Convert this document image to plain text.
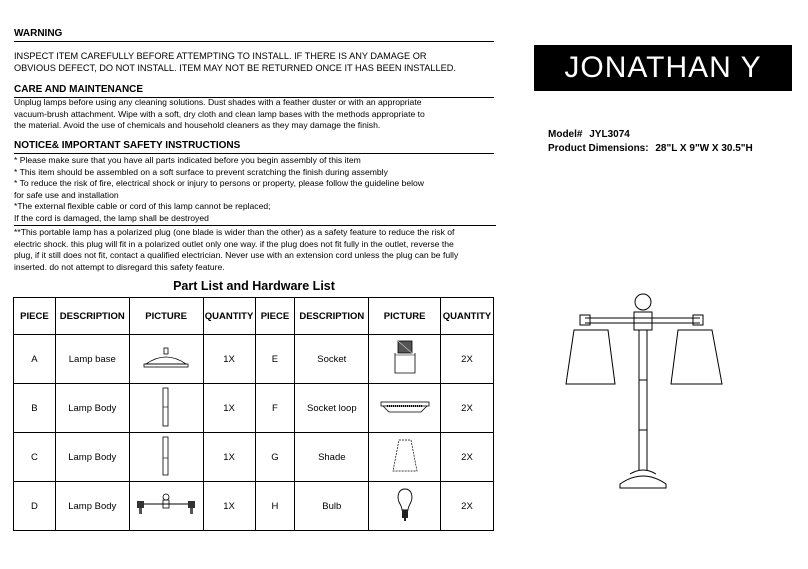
WARNING
INSPECT ITEM CAREFULLY BEFORE ATTEMPTING TO INSTALL. IF THERE IS ANY DAMAGE OR
OBVIOUS DEFECT, DO NOT INSTALL. ITEM MAY NOT BE RETURNED ONCE IT HAS BEEN INSTALLED.
CARE AND MAINTENANCE
Unplug lamps before using any cleaning solutions. Dust shades with a feather duster or with an appropriate
vacuum-brush attachment. Wipe with a soft, dry cloth and clean lamp bases with the methods appropriate to
the material. Avoid the use of chemicals and household cleaners as they may damage the finish.
NOTICE& IMPORTANT SAFETY INSTRUCTIONS
* Please make sure that you have all parts indicated before you begin assembly of this item
* This item should be assembled on a soft surface to prevent scratching the finish during assembly
* To reduce the risk of fire, electrical shock or injury to persons or property, please follow the guideline below
for safe use and installation
*The external flexible cable or cord of this lamp cannot be replaced;
If the cord is damaged, the lamp shall be destroyed
**This portable lamp has a polarized plug (one blade is wider than the other) as a safety feature to reduce the risk of
electric shock. this plug will fit in a polarized outlet only one way. if the plug does not fit fully in the outlet, reverse the
plug, if it still does not fit, contact a qualified electrician. Never use with an extension cord unless the plug can be fully
inserted. do not attempt to disregard this safety feature.
JONATHAN Y
Model# JYL3074
Product Dimensions: 28"L X 9"W X 30.5"H
Part List and Hardware List
PIECE	DESCRIPTION	PICTURE	QUANTITY	PIECE	DESCRIPTION	PICTURE	QUANTITY
A	Lamp base		1X	E	Socket		2X
B	Lamp Body		1X	F	Socket loop		2X
C	Lamp Body		1X	G	Shade		2X
D	Lamp Body		1X	H	Bulb		2X
